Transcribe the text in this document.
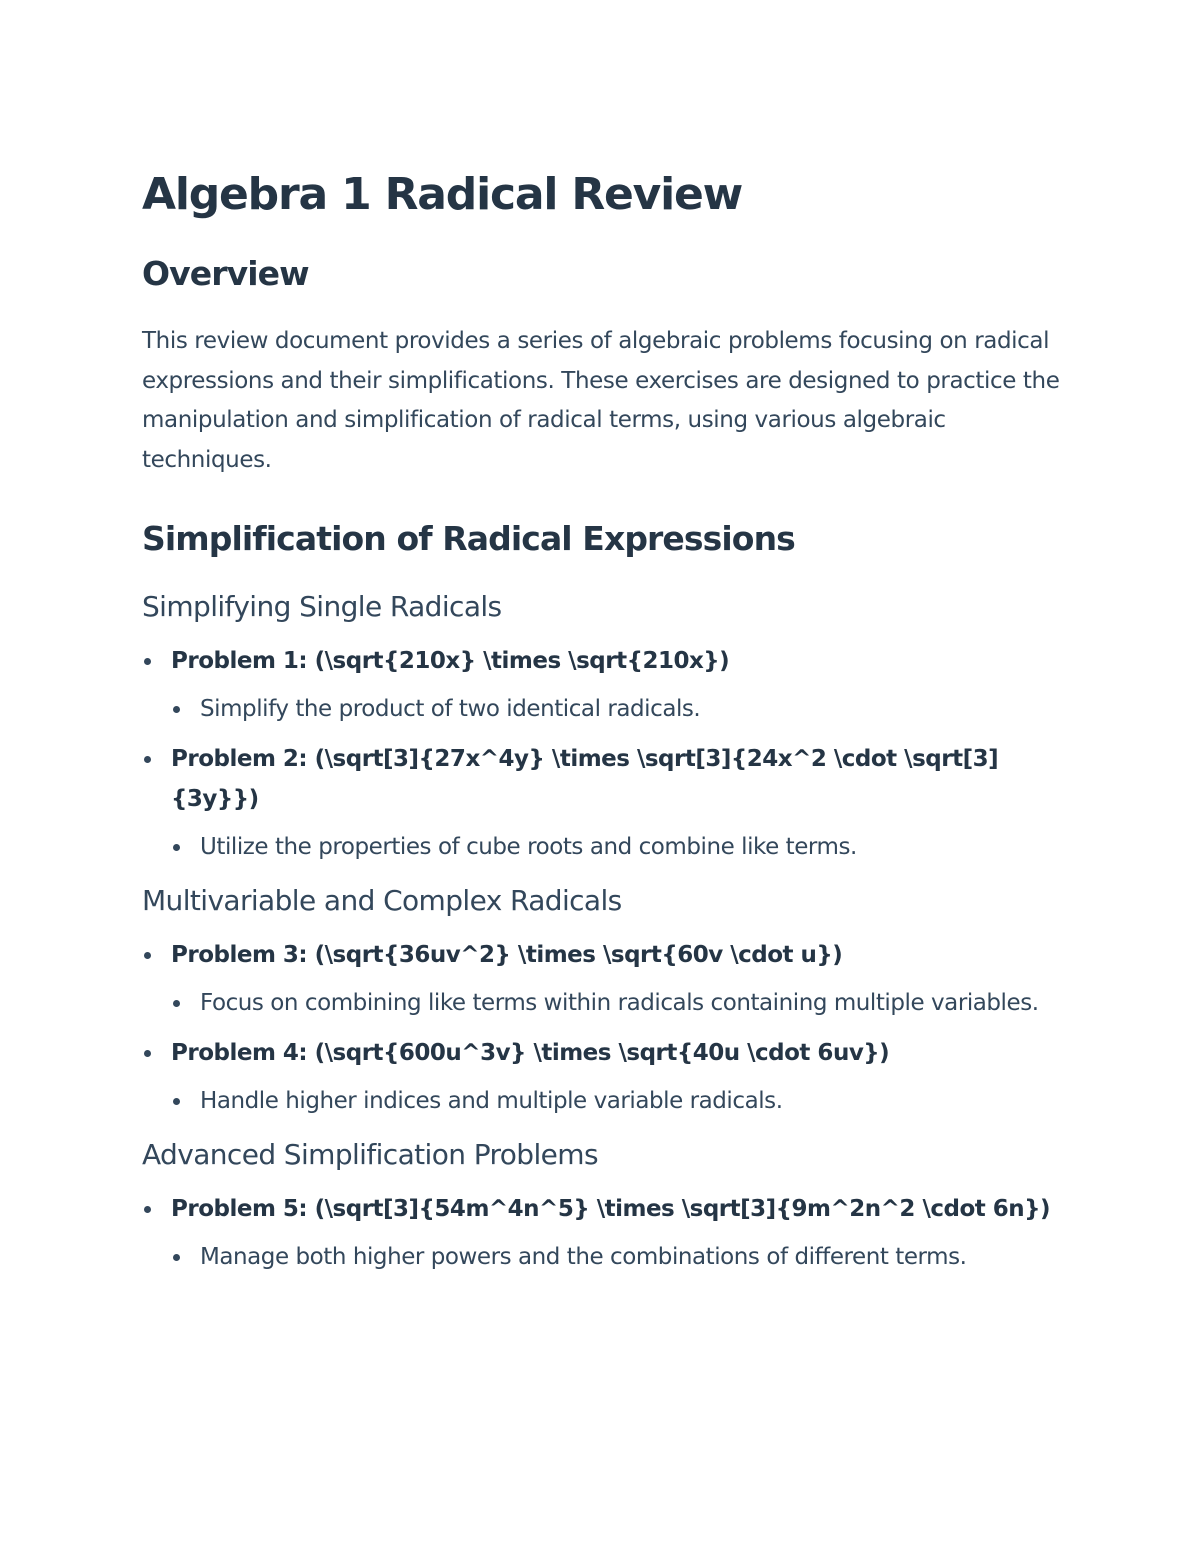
Algebra 1 Radical Review
Overview

This review document provides a series of algebraic problems focusing on radical expressions and their simplifications. These exercises are designed to practice the manipulation and simplification of radical terms, using various algebraic techniques.

Simplification of Radical Expressions
Simplifying Single Radicals
Problem 1: (\sqrt{210x} \times \sqrt{210x})
Simplify the product of two identical radicals.
Problem 2: (\sqrt[3]{27x^4y} \times \sqrt[3]{24x^2 \cdot \sqrt[3]{3y}})
Utilize the properties of cube roots and combine like terms.
Multivariable and Complex Radicals
Problem 3: (\sqrt{36uv^2} \times \sqrt{60v \cdot u})
Focus on combining like terms within radicals containing multiple variables.
Problem 4: (\sqrt{600u^3v} \times \sqrt{40u \cdot 6uv})
Handle higher indices and multiple variable radicals.
Advanced Simplification Problems
Problem 5: (\sqrt[3]{54m^4n^5} \times \sqrt[3]{9m^2n^2 \cdot 6n})
Manage both higher powers and the combinations of different terms.
